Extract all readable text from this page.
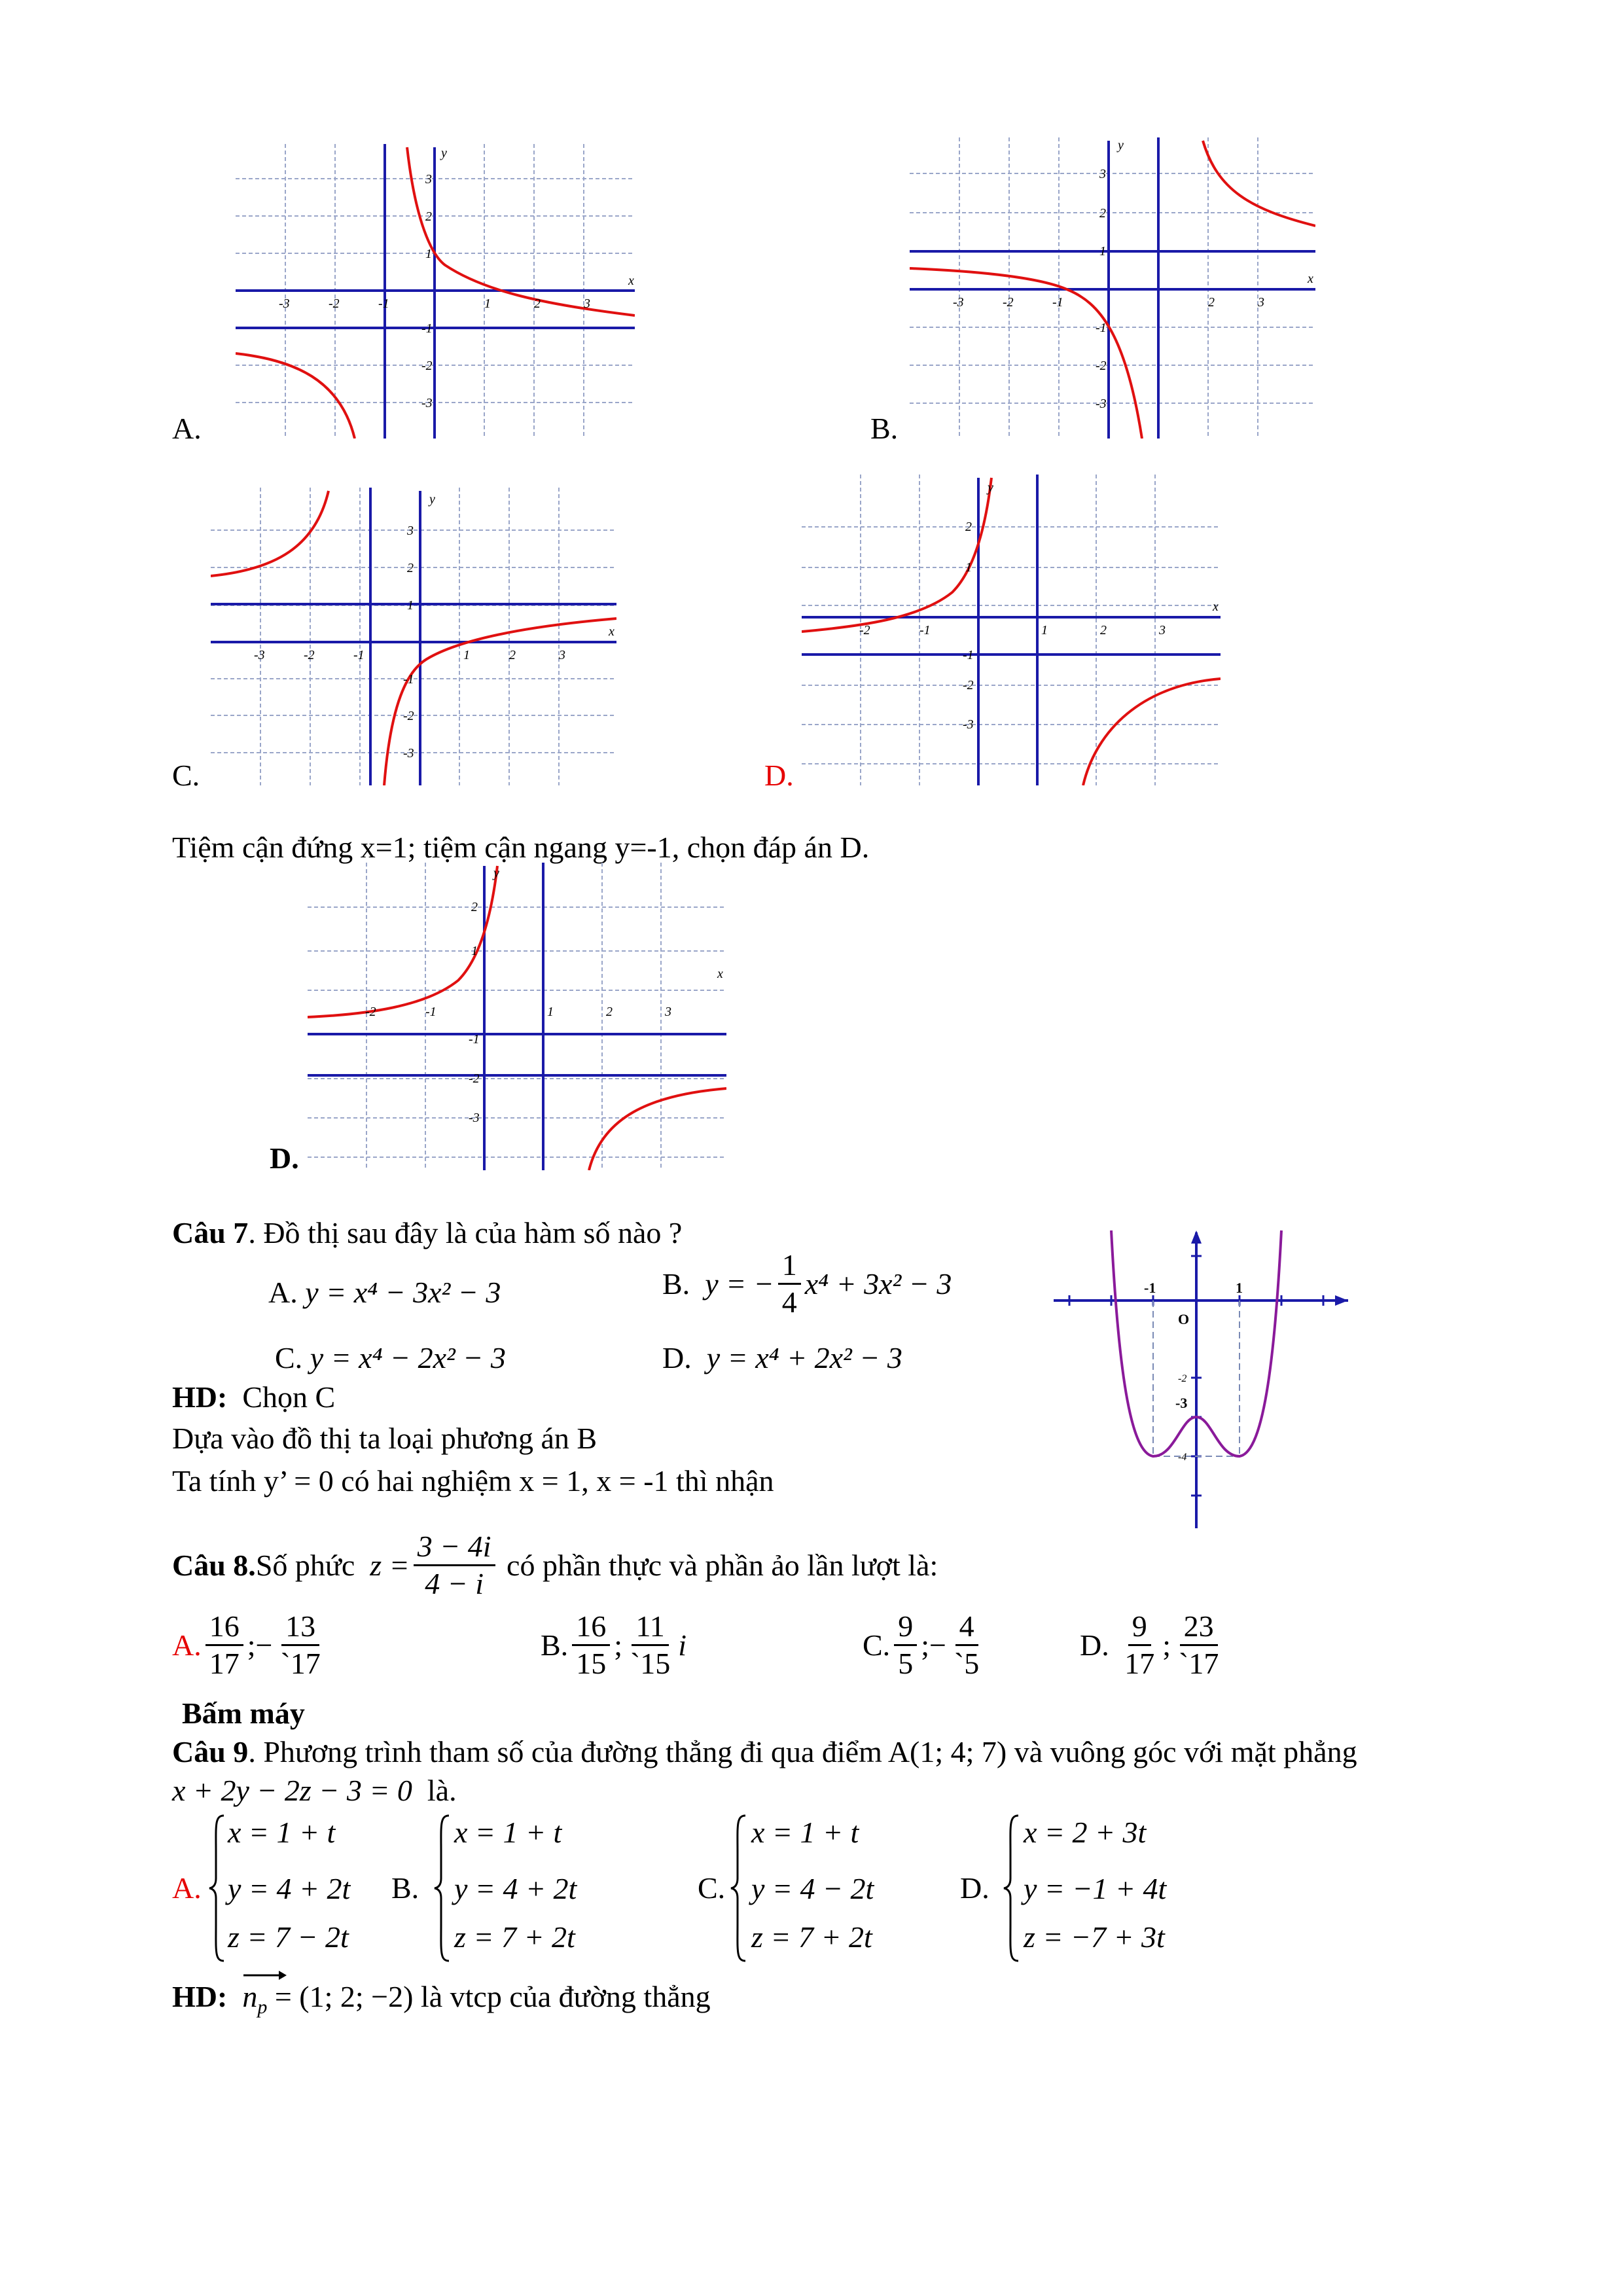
A.
x
y
-3	-2	-1	1	2	3
3
2
1
-1
-2
-3
B.
x
y
-3	-2	-1	2	3
3
2
1
-1
-2
-3
C.
x
y
-3	-2	-1	1	2	3
3
2
1
-1
-2
-3
D.
x
y
-2	-1	1	2	3
2
1
-1
-2
-3
Tiệm cận đứng x=1; tiệm cận ngang y=-1, chọn đáp án D.
x
y
-2	-1	1	2	3
2
1
-1
-2
-3
D.
Câu 7. Đồ thị sau đây là của hàm số nào ?
A. y = x⁴ − 3x² − 3	B.
y = − $\frac{1}{4} x^4 + 3x^2 - 3$
C. y = x⁴ − 2x² − 3	D. y = x⁴ + 2x² − 3
HD: Chọn C
Dựa vào đồ thị ta loại phương án B
Ta tính y’ = 0 có hai nghiệm x = 1, x = -1 thì nhận
-1	1
O
-3
-2
-4
Câu 8. Số phức
$z = \frac{3 - 4i}{4 - i}$
có phần thực và phần ảo lần lượt là:
A. $\frac{16}{17}$ ;− $\frac{13}{`17}$	B. $\frac{16}{15}$ ; $\frac{11}{`15}$ i	C. $\frac{9}{5}$ ;− $\frac{4}{`5}$	D.
$\frac{9}{17}$ ; $\frac{23}{`17}$
Bấm máy
Câu 9. Phương trình tham số của đường thẳng đi qua điểm A(1; 4; 7) và vuông góc với mặt phẳng
x + 2y − 2z − 3 = 0 là.
A.
x = 1 + t
y = 4 + 2t
z = 7 − 2t
B.
x = 1 + t
y = 4 + 2t
z = 7 + 2t
C.
x = 1 + t
y = 4 − 2t
z = 7 + 2t
D.
x = 2 + 3t
y = −1 + 4t
z = −7 + 3t
HD: $n_p = (1$; 2; −2) là vtcp của đường thẳng
